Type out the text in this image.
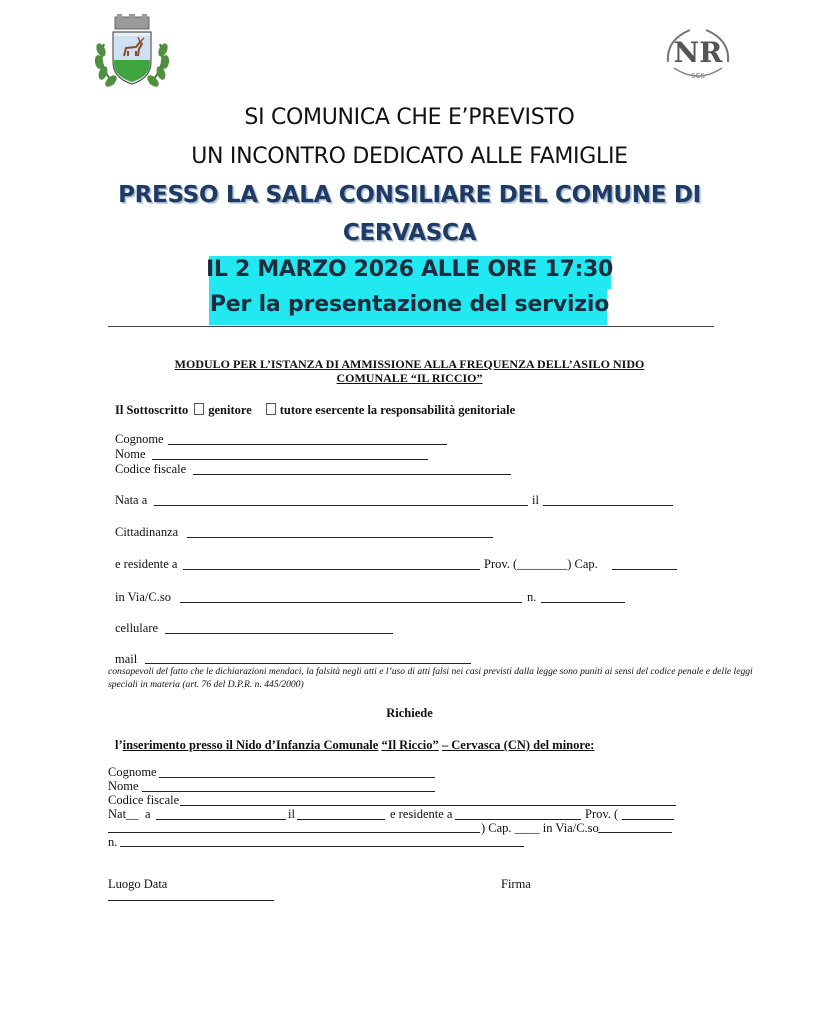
NR
SCS
SI COMUNICA CHE E’PREVISTO
UN INCONTRO DEDICATO ALLE FAMIGLIE
PRESSO LA SALA CONSILIARE DEL COMUNE DI
CERVASCA
IL 2 MARZO 2026 ALLE ORE 17:30
Per la presentazione del servizio
MODULO PER L’ISTANZA DI AMMISSIONE ALLA FREQUENZA DELL’ASILO NIDO
COMUNALE “IL RICCIO”
Il Sottoscritto genitore tutore esercente la responsabilità genitoriale
Cognome
Nome
Codice fiscale
Nata a	il
Cittadinanza
e residente a	Prov. (________) Cap.
in Via/C.so	n.
cellulare
mail
consapevoli del fatto che le dichiarazioni mendaci, la falsità negli atti e l’uso di atti falsi nei casi previsti dalla legge sono puniti ai sensi del codice penale e delle leggi
speciali in materia (art. 76 del D.P.R. n. 445/2000)
Richiede
l’inserimento presso il Nido d’Infanzia Comunale “Il Riccio” – Cervasca (CN) del minore:
Cognome
Nome
Codice fiscale
Nat__ a	il	e residente a	Prov. (
) Cap. ____ in Via/C.so
n.
Luogo Data	Firma
